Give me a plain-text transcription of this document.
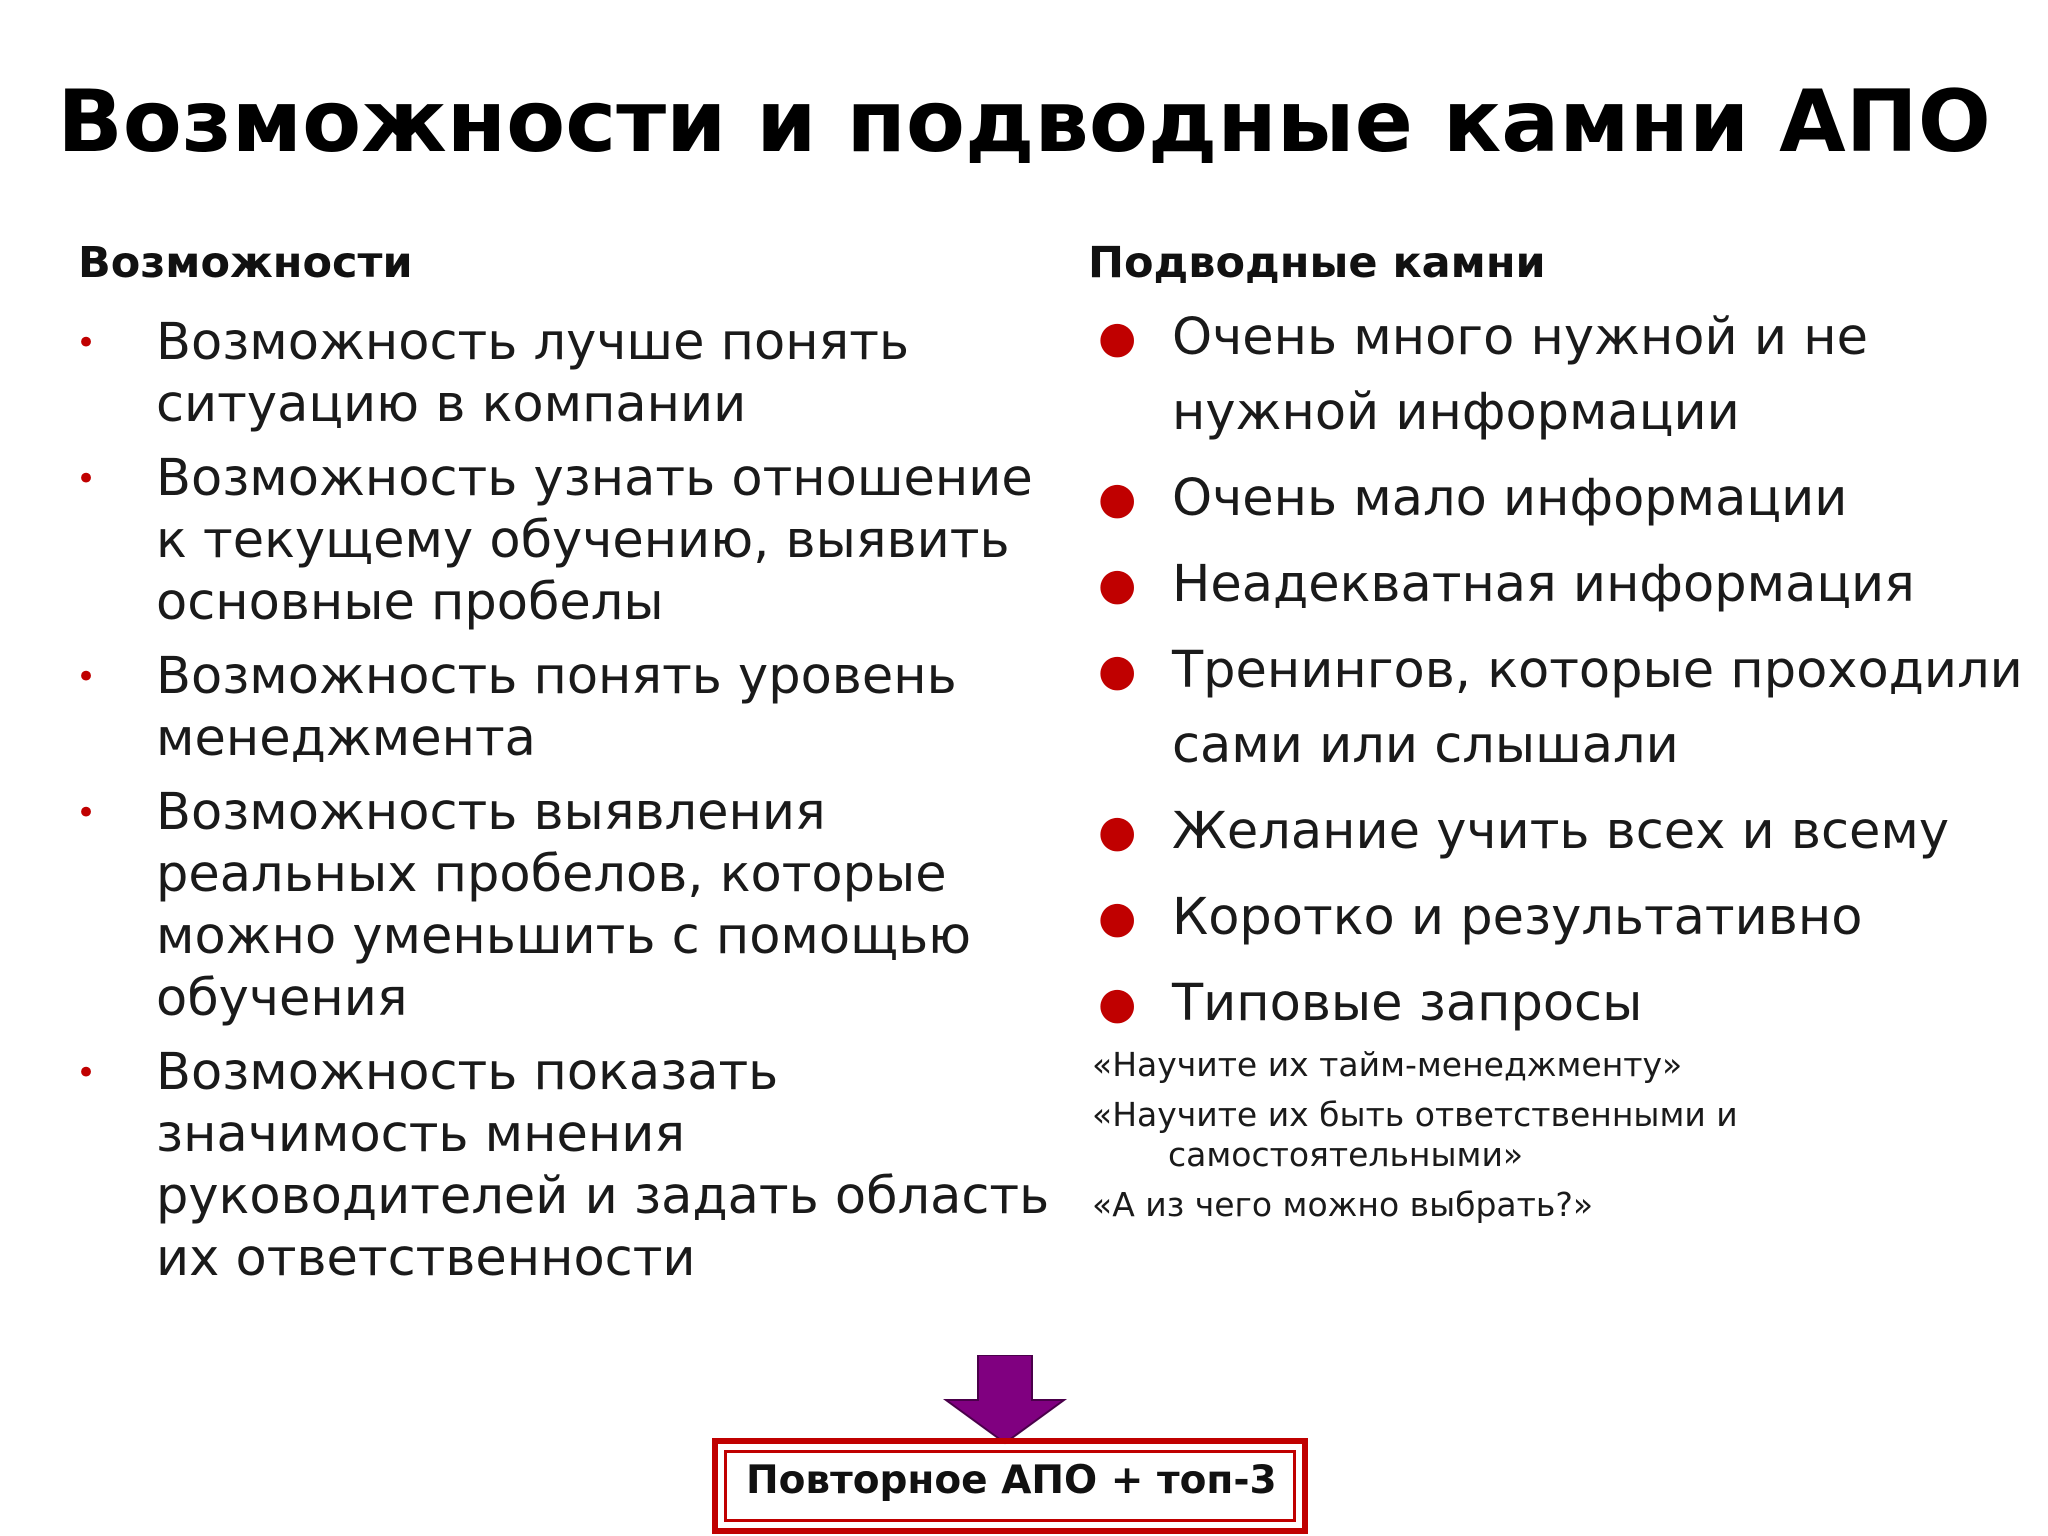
Возможности и подводные камни АПО
Возможности	Подводные камни
• Возможность лучше понять ситуацию в компании
• Возможность узнать отношение к текущему обучению, выявить основные пробелы
• Возможность понять уровень менеджмента
• Возможность выявления реальных пробелов, которые можно уменьшить с помощью обучения
• Возможность показать значимость мнения руководителей и задать область их ответственности
● Очень много нужной и не нужной информации
● Очень мало информации
● Неадекватная информация
● Тренингов, которые проходили сами или слышали
● Желание учить всех и всему
● Коротко и результативно
● Типовые запросы
«Научите их тайм-менеджменту»
«Научите их быть ответственными и самостоятельными»
«А из чего можно выбрать?»
Повторное АПО + топ-3
